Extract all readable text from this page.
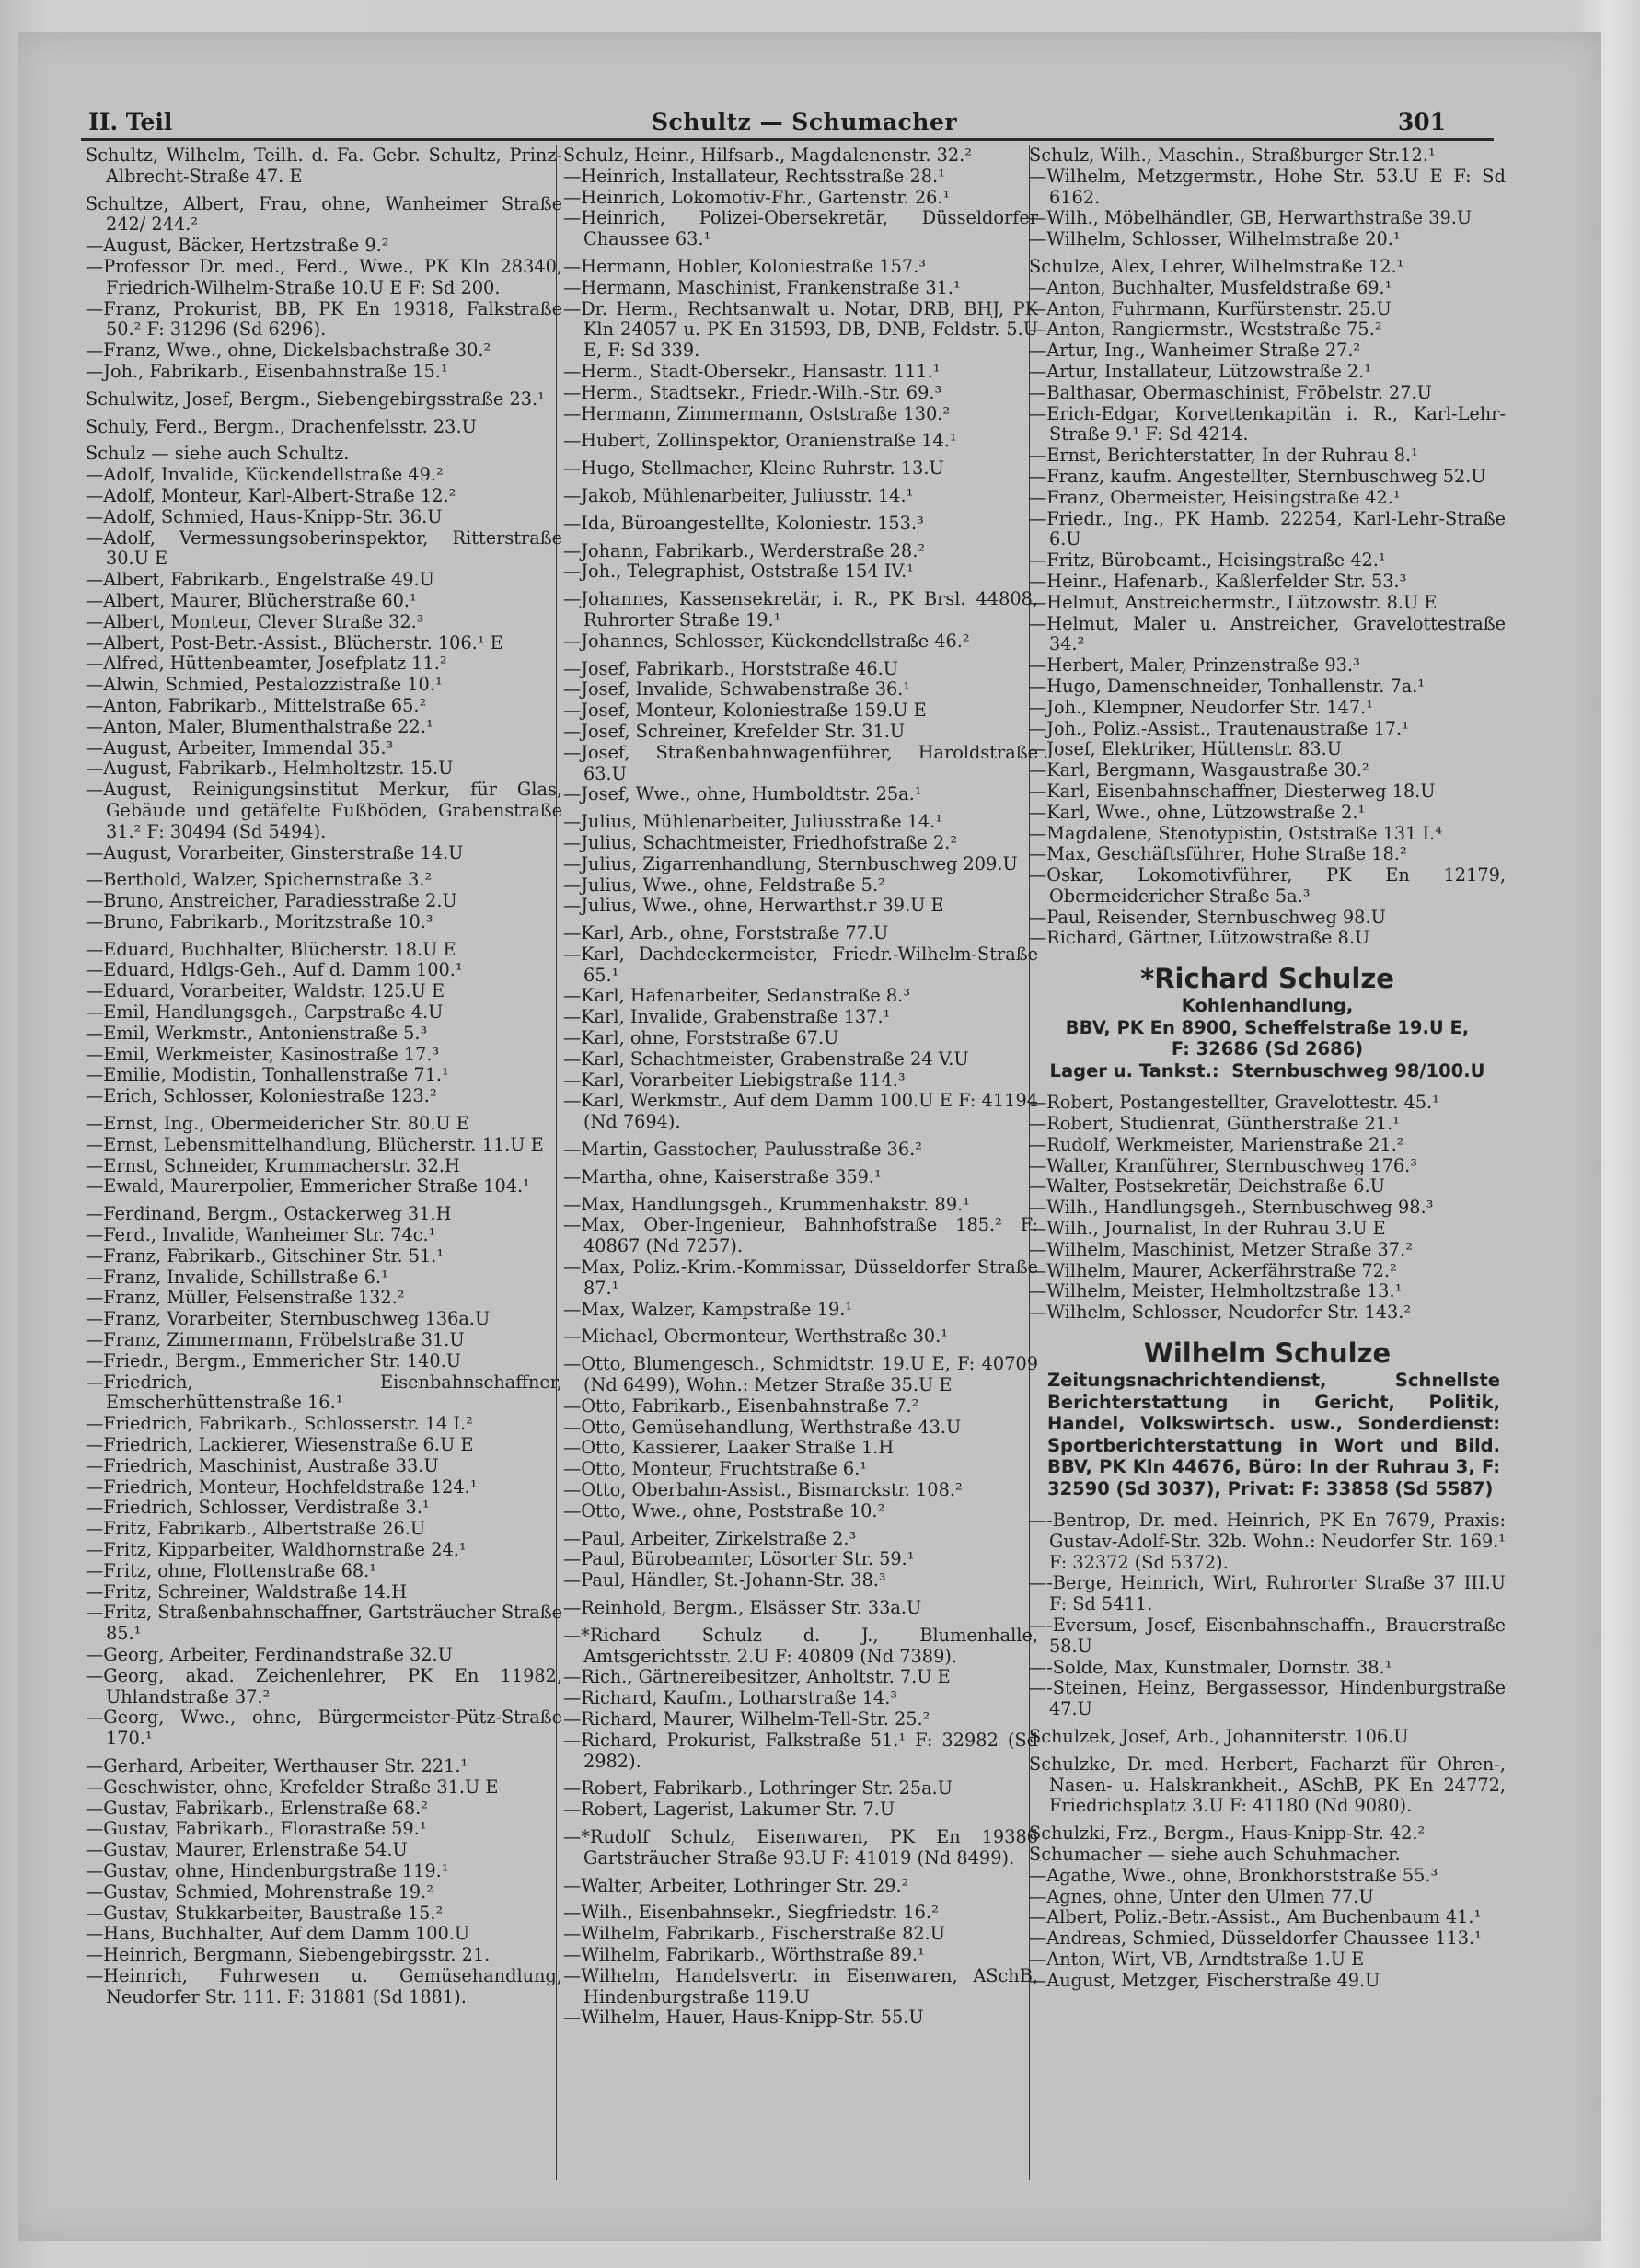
II. Teil	Schultz — Schumacher	301

Schultz, Wilhelm, Teilh. d. Fa. Gebr. Schultz, Prinz-Albrecht-Straße 47. E

Schultze, Albert, Frau, ohne, Wanheimer Straße 242/ 244.²

—August, Bäcker, Hertzstraße 9.²

—Professor Dr. med., Ferd., Wwe., PK Kln 28340, Friedrich-Wilhelm-Straße 10.U E F: Sd 200.

—Franz, Prokurist, BB, PK En 19318, Falkstraße 50.² F: 31296 (Sd 6296).

—Franz, Wwe., ohne, Dickelsbachstraße 30.²

—Joh., Fabrikarb., Eisenbahnstraße 15.¹

Schulwitz, Josef, Bergm., Siebengebirgsstraße 23.¹

Schuly, Ferd., Bergm., Drachenfelsstr. 23.U

Schulz — siehe auch Schultz.

—Adolf, Invalide, Kückendellstraße 49.²

—Adolf, Monteur, Karl-Albert-Straße 12.²

—Adolf, Schmied, Haus-Knipp-Str. 36.U

—Adolf, Vermessungsoberinspektor, Ritterstraße 30.U E

—Albert, Fabrikarb., Engelstraße 49.U

—Albert, Maurer, Blücherstraße 60.¹

—Albert, Monteur, Clever Straße 32.³

—Albert, Post-Betr.-Assist., Blücherstr. 106.¹ E

—Alfred, Hüttenbeamter, Josefplatz 11.²

—Alwin, Schmied, Pestalozzistraße 10.¹

—Anton, Fabrikarb., Mittelstraße 65.²

—Anton, Maler, Blumenthalstraße 22.¹

—August, Arbeiter, Immendal 35.³

—August, Fabrikarb., Helmholtzstr. 15.U

—August, Reinigungsinstitut Merkur, für Glas, Gebäude und getäfelte Fußböden, Grabenstraße 31.² F: 30494 (Sd 5494).

—August, Vorarbeiter, Ginsterstraße 14.U

—Berthold, Walzer, Spichernstraße 3.²

—Bruno, Anstreicher, Paradiesstraße 2.U

—Bruno, Fabrikarb., Moritzstraße 10.³

—Eduard, Buchhalter, Blücherstr. 18.U E

—Eduard, Hdlgs-Geh., Auf d. Damm 100.¹

—Eduard, Vorarbeiter, Waldstr. 125.U E

—Emil, Handlungsgeh., Carpstraße 4.U

—Emil, Werkmstr., Antonienstraße 5.³

—Emil, Werkmeister, Kasinostraße 17.³

—Emilie, Modistin, Tonhallenstraße 71.¹

—Erich, Schlosser, Koloniestraße 123.²

—Ernst, Ing., Obermeidericher Str. 80.U E

—Ernst, Lebensmittelhandlung, Blücherstr. 11.U E

—Ernst, Schneider, Krummacherstr. 32.H

—Ewald, Maurerpolier, Emmericher Straße 104.¹

—Ferdinand, Bergm., Ostackerweg 31.H

—Ferd., Invalide, Wanheimer Str. 74c.¹

—Franz, Fabrikarb., Gitschiner Str. 51.¹

—Franz, Invalide, Schillstraße 6.¹

—Franz, Müller, Felsenstraße 132.²

—Franz, Vorarbeiter, Sternbuschweg 136a.U

—Franz, Zimmermann, Fröbelstraße 31.U

—Friedr., Bergm., Emmericher Str. 140.U

—Friedrich, Eisenbahnschaffner, Emscherhüttenstraße 16.¹

—Friedrich, Fabrikarb., Schlosserstr. 14 I.²

—Friedrich, Lackierer, Wiesenstraße 6.U E

—Friedrich, Maschinist, Austraße 33.U

—Friedrich, Monteur, Hochfeldstraße 124.¹

—Friedrich, Schlosser, Verdistraße 3.¹

—Fritz, Fabrikarb., Albertstraße 26.U

—Fritz, Kipparbeiter, Waldhornstraße 24.¹

—Fritz, ohne, Flottenstraße 68.¹

—Fritz, Schreiner, Waldstraße 14.H

—Fritz, Straßenbahnschaffner, Gartsträucher Straße 85.¹

—Georg, Arbeiter, Ferdinandstraße 32.U

—Georg, akad. Zeichenlehrer, PK En 11982, Uhlandstraße 37.²

—Georg, Wwe., ohne, Bürgermeister-Pütz-Straße 170.¹

—Gerhard, Arbeiter, Werthauser Str. 221.¹

—Geschwister, ohne, Krefelder Straße 31.U E

—Gustav, Fabrikarb., Erlenstraße 68.²

—Gustav, Fabrikarb., Florastraße 59.¹

—Gustav, Maurer, Erlenstraße 54.U

—Gustav, ohne, Hindenburgstraße 119.¹

—Gustav, Schmied, Mohrenstraße 19.²

—Gustav, Stukkarbeiter, Baustraße 15.²

—Hans, Buchhalter, Auf dem Damm 100.U

—Heinrich, Bergmann, Siebengebirgsstr. 21.

—Heinrich, Fuhrwesen u. Gemüsehandlung, Neudorfer Str. 111. F: 31881 (Sd 1881).

Schulz, Heinr., Hilfsarb., Magdalenenstr. 32.²

—Heinrich, Installateur, Rechtsstraße 28.¹

—Heinrich, Lokomotiv-Fhr., Gartenstr. 26.¹

—Heinrich, Polizei-Obersekretär, Düsseldorfer Chaussee 63.¹

—Hermann, Hobler, Koloniestraße 157.³

—Hermann, Maschinist, Frankenstraße 31.¹

—Dr. Herm., Rechtsanwalt u. Notar, DRB, BHJ, PK Kln 24057 u. PK En 31593, DB, DNB, Feldstr. 5.U E, F: Sd 339.

—Herm., Stadt-Obersekr., Hansastr. 111.¹

—Herm., Stadtsekr., Friedr.-Wilh.-Str. 69.³

—Hermann, Zimmermann, Oststraße 130.²

—Hubert, Zollinspektor, Oranienstraße 14.¹

—Hugo, Stellmacher, Kleine Ruhrstr. 13.U

—Jakob, Mühlenarbeiter, Juliusstr. 14.¹

—Ida, Büroangestellte, Koloniestr. 153.³

—Johann, Fabrikarb., Werderstraße 28.²

—Joh., Telegraphist, Oststraße 154 IV.¹

—Johannes, Kassensekretär, i. R., PK Brsl. 44808, Ruhrorter Straße 19.¹

—Johannes, Schlosser, Kückendellstraße 46.²

—Josef, Fabrikarb., Horststraße 46.U

—Josef, Invalide, Schwabenstraße 36.¹

—Josef, Monteur, Koloniestraße 159.U E

—Josef, Schreiner, Krefelder Str. 31.U

—Josef, Straßenbahnwagenführer, Haroldstraße 63.U

—Josef, Wwe., ohne, Humboldtstr. 25a.¹

—Julius, Mühlenarbeiter, Juliusstraße 14.¹

—Julius, Schachtmeister, Friedhofstraße 2.²

—Julius, Zigarrenhandlung, Sternbuschweg 209.U

—Julius, Wwe., ohne, Feldstraße 5.²

—Julius, Wwe., ohne, Herwarthst.r 39.U E

—Karl, Arb., ohne, Forststraße 77.U

—Karl, Dachdeckermeister, Friedr.-Wilhelm-Straße 65.¹

—Karl, Hafenarbeiter, Sedanstraße 8.³

—Karl, Invalide, Grabenstraße 137.¹

—Karl, ohne, Forststraße 67.U

—Karl, Schachtmeister, Grabenstraße 24 V.U

—Karl, Vorarbeiter Liebigstraße 114.³

—Karl, Werkmstr., Auf dem Damm 100.U E F: 41194 (Nd 7694).

—Martin, Gasstocher, Paulusstraße 36.²

—Martha, ohne, Kaiserstraße 359.¹

—Max, Handlungsgeh., Krummenhakstr. 89.¹

—Max, Ober-Ingenieur, Bahnhofstraße 185.² F: 40867 (Nd 7257).

—Max, Poliz.-Krim.-Kommissar, Düsseldorfer Straße 87.¹

—Max, Walzer, Kampstraße 19.¹

—Michael, Obermonteur, Werthstraße 30.¹

—Otto, Blumengesch., Schmidtstr. 19.U E, F: 40709 (Nd 6499), Wohn.: Metzer Straße 35.U E

—Otto, Fabrikarb., Eisenbahnstraße 7.²

—Otto, Gemüsehandlung, Werthstraße 43.U

—Otto, Kassierer, Laaker Straße 1.H

—Otto, Monteur, Fruchtstraße 6.¹

—Otto, Oberbahn-Assist., Bismarckstr. 108.²

—Otto, Wwe., ohne, Poststraße 10.²

—Paul, Arbeiter, Zirkelstraße 2.³

—Paul, Bürobeamter, Lösorter Str. 59.¹

—Paul, Händler, St.-Johann-Str. 38.³

—Reinhold, Bergm., Elsässer Str. 33a.U

—*Richard Schulz d. J., Blumenhalle, Amtsgerichtsstr. 2.U F: 40809 (Nd 7389).

—Rich., Gärtnereibesitzer, Anholtstr. 7.U E

—Richard, Kaufm., Lotharstraße 14.³

—Richard, Maurer, Wilhelm-Tell-Str. 25.²

—Richard, Prokurist, Falkstraße 51.¹ F: 32982 (Sd 2982).

—Robert, Fabrikarb., Lothringer Str. 25a.U

—Robert, Lagerist, Lakumer Str. 7.U

—*Rudolf Schulz, Eisenwaren, PK En 19386 Gartsträucher Straße 93.U F: 41019 (Nd 8499).

—Walter, Arbeiter, Lothringer Str. 29.²

—Wilh., Eisenbahnsekr., Siegfriedstr. 16.²

—Wilhelm, Fabrikarb., Fischerstraße 82.U

—Wilhelm, Fabrikarb., Wörthstraße 89.¹

—Wilhelm, Handelsvertr. in Eisenwaren, ASchB, Hindenburgstraße 119.U

—Wilhelm, Hauer, Haus-Knipp-Str. 55.U

Schulz, Wilh., Maschin., Straßburger Str.12.¹

—Wilhelm, Metzgermstr., Hohe Str. 53.U E F: Sd 6162.

—Wilh., Möbelhändler, GB, Herwarthstraße 39.U

—Wilhelm, Schlosser, Wilhelmstraße 20.¹

Schulze, Alex, Lehrer, Wilhelmstraße 12.¹

—Anton, Buchhalter, Musfeldstraße 69.¹

—Anton, Fuhrmann, Kurfürstenstr. 25.U

—Anton, Rangiermstr., Weststraße 75.²

—Artur, Ing., Wanheimer Straße 27.²

—Artur, Installateur, Lützowstraße 2.¹

—Balthasar, Obermaschinist, Fröbelstr. 27.U

—Erich-Edgar, Korvettenkapitän i. R., Karl-Lehr-Straße 9.¹ F: Sd 4214.

—Ernst, Berichterstatter, In der Ruhrau 8.¹

—Franz, kaufm. Angestellter, Sternbuschweg 52.U

—Franz, Obermeister, Heisingstraße 42.¹

—Friedr., Ing., PK Hamb. 22254, Karl-Lehr-Straße 6.U

—Fritz, Bürobeamt., Heisingstraße 42.¹

—Heinr., Hafenarb., Kaßlerfelder Str. 53.³

—Helmut, Anstreichermstr., Lützowstr. 8.U E

—Helmut, Maler u. Anstreicher, Gravelottestraße 34.²

—Herbert, Maler, Prinzenstraße 93.³

—Hugo, Damenschneider, Tonhallenstr. 7a.¹

—Joh., Klempner, Neudorfer Str. 147.¹

—Joh., Poliz.-Assist., Trautenaustraße 17.¹

—Josef, Elektriker, Hüttenstr. 83.U

—Karl, Bergmann, Wasgaustraße 30.²

—Karl, Eisenbahnschaffner, Diesterweg 18.U

—Karl, Wwe., ohne, Lützowstraße 2.¹

—Magdalene, Stenotypistin, Oststraße 131 I.⁴

—Max, Geschäftsführer, Hohe Straße 18.²

—Oskar, Lokomotivführer, PK En 12179, Obermeidericher Straße 5a.³

—Paul, Reisender, Sternbuschweg 98.U

—Richard, Gärtner, Lützowstraße 8.U

*Richard Schulze
Kohlenhandlung,
BBV, PK En 8900, Scheffelstraße 19.U E,
F: 32686 (Sd 2686)
Lager u. Tankst.:  Sternbuschweg 98/100.U

—Robert, Postangestellter, Gravelottestr. 45.¹

—Robert, Studienrat, Güntherstraße 21.¹

—Rudolf, Werkmeister, Marienstraße 21.²

—Walter, Kranführer, Sternbuschweg 176.³

—Walter, Postsekretär, Deichstraße 6.U

—Wilh., Handlungsgeh., Sternbuschweg 98.³

—Wilh., Journalist, In der Ruhrau 3.U E

—Wilhelm, Maschinist, Metzer Straße 37.²

—Wilhelm, Maurer, Ackerfährstraße 72.²

—Wilhelm, Meister, Helmholtzstraße 13.¹

—Wilhelm, Schlosser, Neudorfer Str. 143.²

Wilhelm Schulze
Zeitungsnachrichtendienst, Schnellste Berichterstattung in Gericht, Politik, Handel, Volkswirtsch. usw., Sonderdienst: Sportberichterstattung in Wort und Bild. BBV, PK Kln 44676, Büro: In der Ruhrau 3, F: 32590 (Sd 3037), Privat: F: 33858 (Sd 5587)

—-Bentrop, Dr. med. Heinrich, PK En 7679, Praxis: Gustav-Adolf-Str. 32b. Wohn.: Neudorfer Str. 169.¹ F: 32372 (Sd 5372).

—-Berge, Heinrich, Wirt, Ruhrorter Straße 37 III.U F: Sd 5411.

—-Eversum, Josef, Eisenbahnschaffn., Brauerstraße 58.U

—-Solde, Max, Kunstmaler, Dornstr. 38.¹

—-Steinen, Heinz, Bergassessor, Hindenburgstraße 47.U

Schulzek, Josef, Arb., Johanniterstr. 106.U

Schulzke, Dr. med. Herbert, Facharzt für Ohren-, Nasen- u. Halskrankheit., ASchB, PK En 24772, Friedrichsplatz 3.U F: 41180 (Nd 9080).

Schulzki, Frz., Bergm., Haus-Knipp-Str. 42.²

Schumacher — siehe auch Schuhmacher.

—Agathe, Wwe., ohne, Bronkhorststraße 55.³

—Agnes, ohne, Unter den Ulmen 77.U

—Albert, Poliz.-Betr.-Assist., Am Buchenbaum 41.¹

—Andreas, Schmied, Düsseldorfer Chaussee 113.¹

—Anton, Wirt, VB, Arndtstraße 1.U E

—August, Metzger, Fischerstraße 49.U
